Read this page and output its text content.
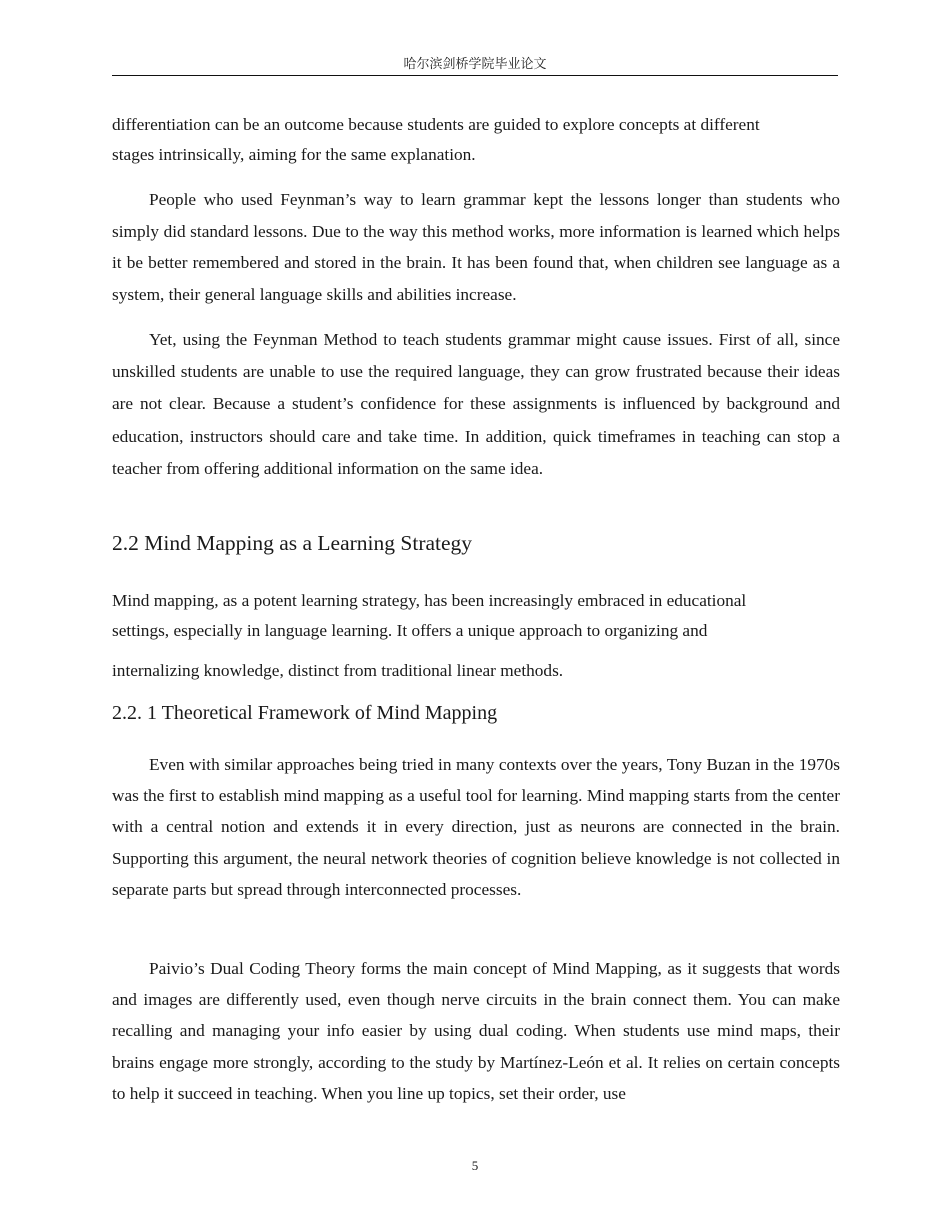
哈尔滨剑桥学院毕业论文
differentiation can be an outcome because students are guided to explore concepts at different stages intrinsically, aiming for the same explanation.
People who used Feynman’s way to learn grammar kept the lessons longer than students who simply did standard lessons. Due to the way this method works, more information is learned which helps it be better remembered and stored in the brain. It has been found that, when children see language as a system, their general language skills and abilities increase.
Yet, using the Feynman Method to teach students grammar might cause issues. First of all, since unskilled students are unable to use the required language, they can grow frustrated because their ideas are not clear. Because a student’s confidence for these assignments is influenced by background and education, instructors should care and take time. In addition, quick timeframes in teaching can stop a teacher from offering additional information on the same idea.
2.2 Mind Mapping as a Learning Strategy
Mind mapping, as a potent learning strategy, has been increasingly embraced in educational
settings, especially in language learning. It offers a unique approach to organizing and
internalizing knowledge, distinct from traditional linear methods.
2.2. 1 Theoretical Framework of Mind Mapping
Even with similar approaches being tried in many contexts over the years, Tony Buzan in the 1970s was the first to establish mind mapping as a useful tool for learning. Mind mapping starts from the center with a central notion and extends it in every direction, just as neurons are connected in the brain. Supporting this argument, the neural network theories of cognition believe knowledge is not collected in separate parts but spread through interconnected processes.
Paivio’s Dual Coding Theory forms the main concept of Mind Mapping, as it suggests that words and images are differently used, even though nerve circuits in the brain connect them. You can make recalling and managing your info easier by using dual coding. When students use mind maps, their brains engage more strongly, according to the study by Martínez-León et al. It relies on certain concepts to help it succeed in teaching. When you line up topics, set their order, use
5
